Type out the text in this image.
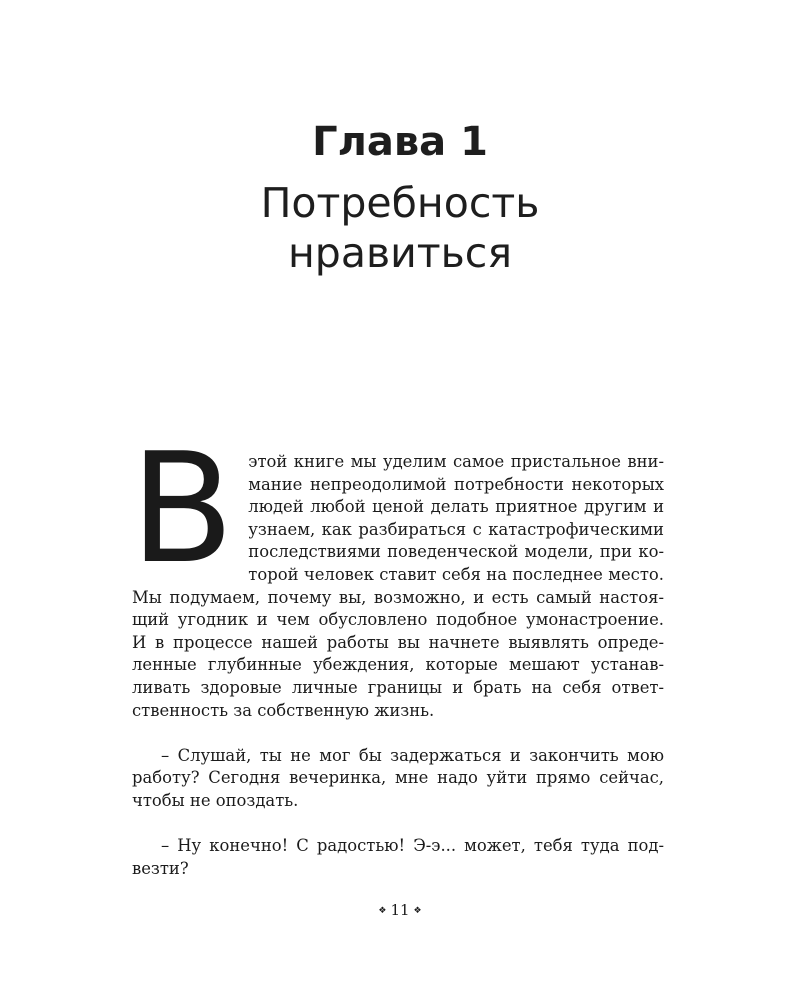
Глава 1
Потребность
нравиться
В этой книге мы уделим самое пристальное вни-
мание непреодолимой потребности некоторых
людей любой ценой делать приятное другим и
узнаем, как разбираться с катастрофическими
последствиями поведенческой модели, при ко-
торой человек ставит себя на последнее место.
Мы подумаем, почему вы, возможно, и есть самый настоя-
щий угодник и чем обусловлено подобное умонастроение.
И в процессе нашей работы вы начнете выявлять опреде-
ленные глубинные убеждения, которые мешают устанав-
ливать здоровые личные границы и брать на себя ответ-
ственность за собственную жизнь.
– Слушай, ты не мог бы задержаться и закончить мою
работу? Сегодня вечеринка, мне надо уйти прямо сейчас,
чтобы не опоздать.
– Ну конечно! С радостью! Э-э... может, тебя туда под-
везти?
❖ 11 ❖
